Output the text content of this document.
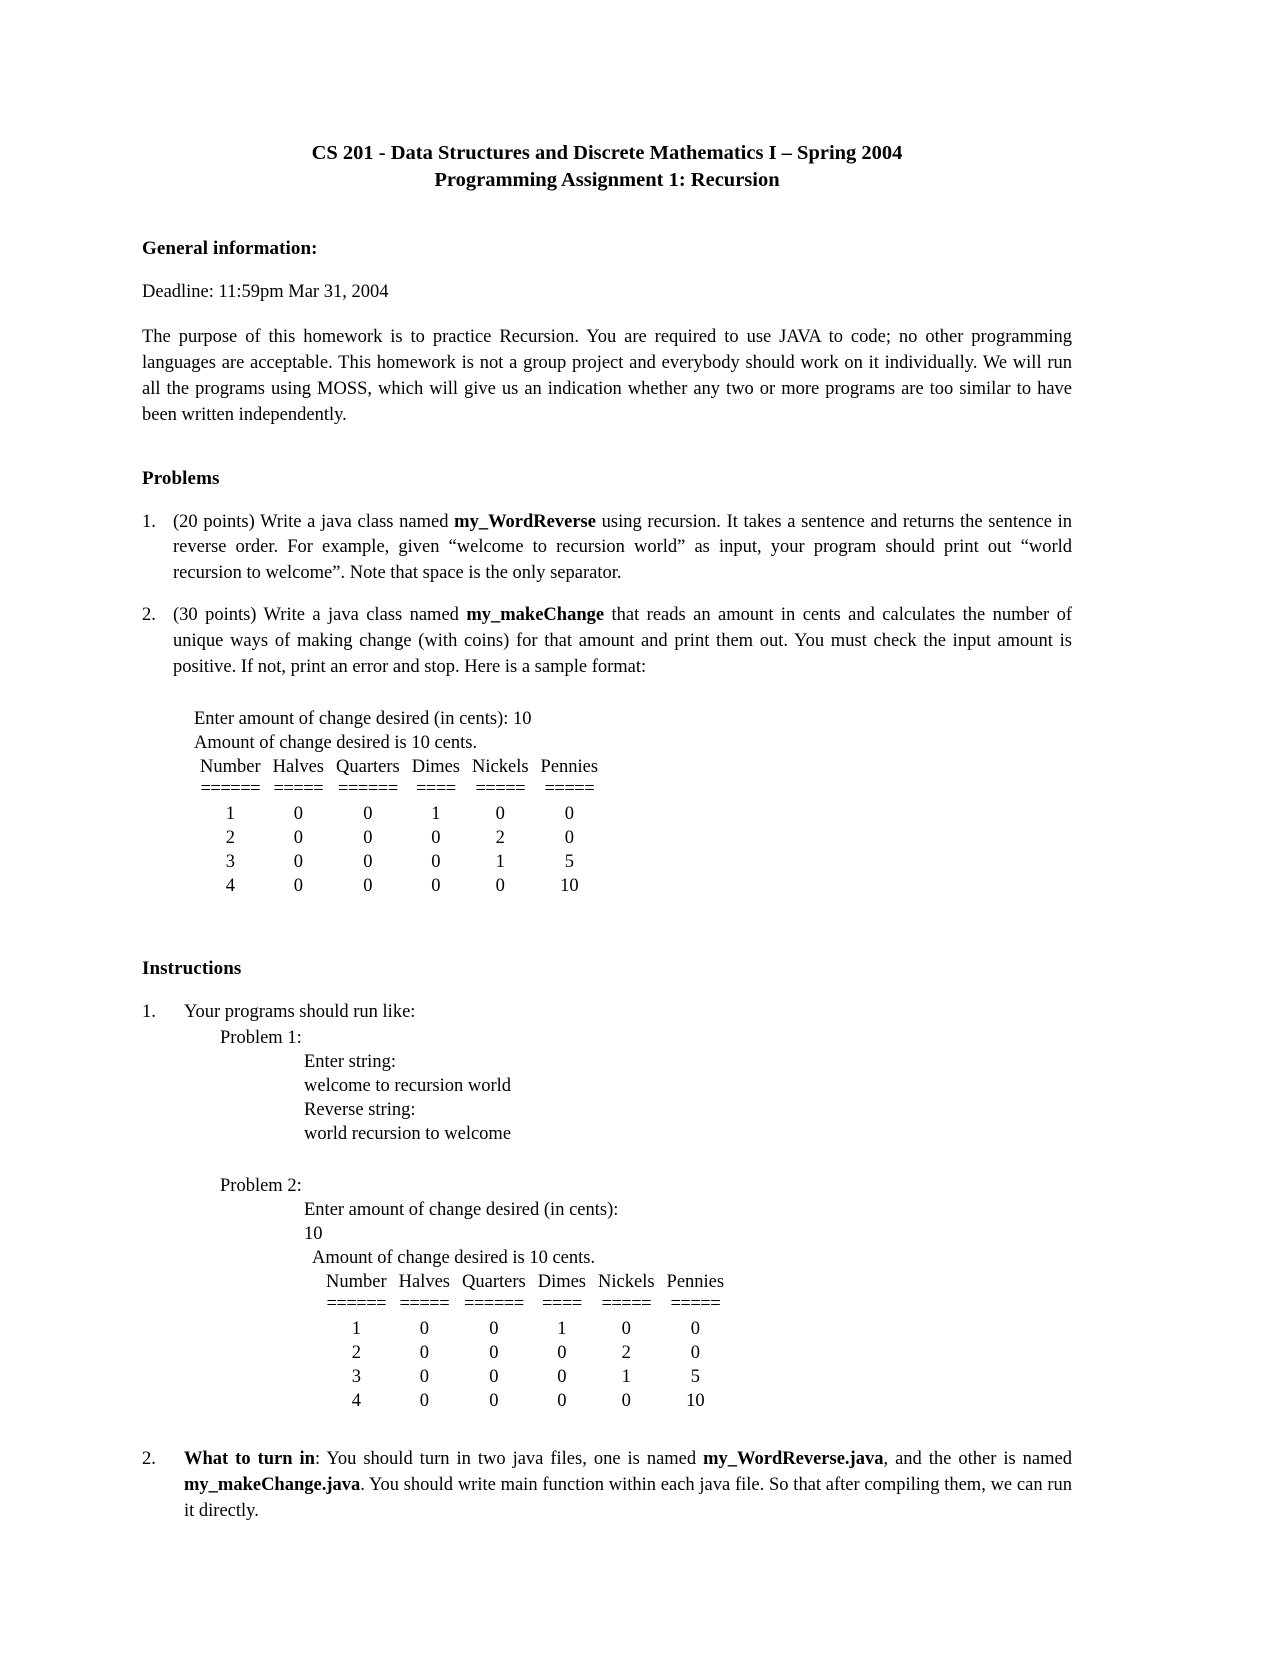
CS 201 - Data Structures and Discrete Mathematics I – Spring 2004
Programming Assignment 1: Recursion
General information:

Deadline: 11:59pm Mar 31, 2004

The purpose of this homework is to practice Recursion. You are required to use JAVA to code; no other programming languages are acceptable. This homework is not a group project and everybody should work on it individually. We will run all the programs using MOSS, which will give us an indication whether any two or more programs are too similar to have been written independently.

Problems
1. (20 points) Write a java class named my_WordReverse using recursion. It takes a sentence and returns the sentence in reverse order. For example, given “welcome to recursion world” as input, your program should print out “world recursion to welcome”. Note that space is the only separator.
2. (30 points) Write a java class named my_makeChange that reads an amount in cents and calculates the number of unique ways of making change (with coins) for that amount and print them out. You must check the input amount is positive. If not, print an error and stop. Here is a sample format:
Enter amount of change desired (in cents): 10
Amount of change desired is 10 cents.
Number	Halves	Quarters	Dimes	Nickels	Pennies
======	=====	======	====	=====	=====
1	0	0	1	0	0
2	0	0	0	2	0
3	0	0	0	1	5
4	0	0	0	0	10
Instructions
1.	Your programs should run like:
Problem 1:
Enter string:
welcome to recursion world
Reverse string:
world recursion to welcome
Problem 2:
Enter amount of change desired (in cents):
10
Amount of change desired is 10 cents.
Number	Halves	Quarters	Dimes	Nickels	Pennies
======	=====	======	====	=====	=====
1	0	0	1	0	0
2	0	0	0	2	0
3	0	0	0	1	5
4	0	0	0	0	10
2.	What to turn in: You should turn in two java files, one is named my_WordReverse.java, and the other is named my_makeChange.java. You should write main function within each java file. So that after compiling them, we can run it directly.
